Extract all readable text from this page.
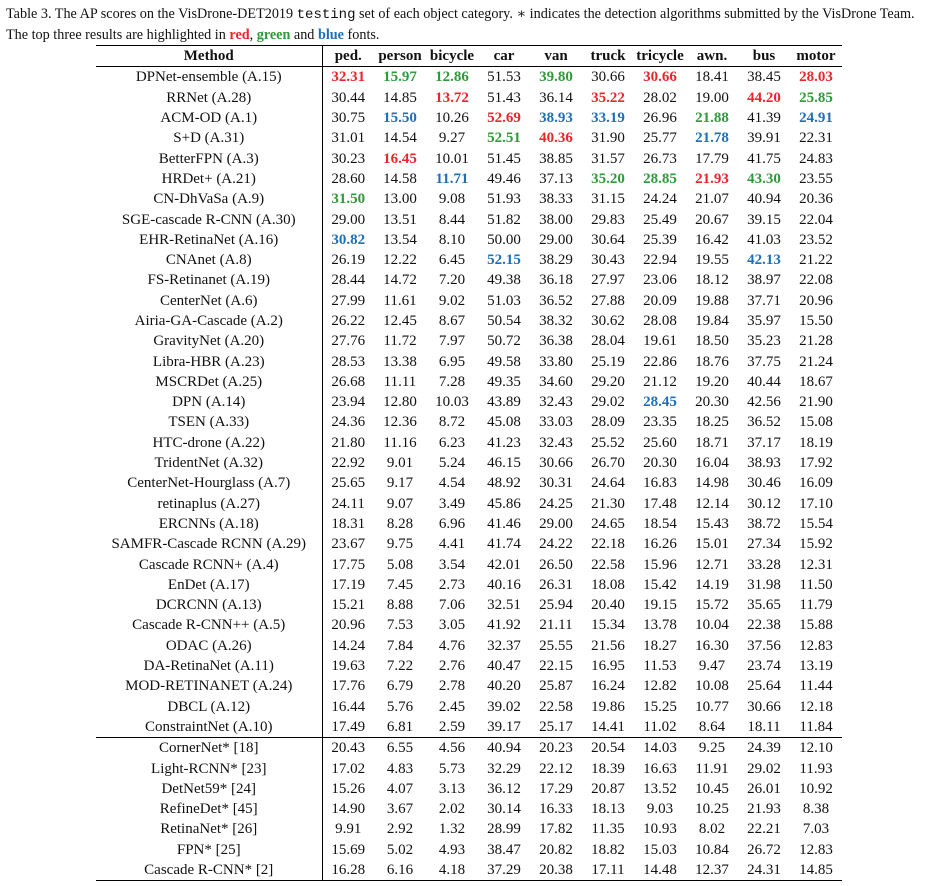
Table 3. The AP scores on the VisDrone-DET2019 testing set of each object category. ∗ indicates the detection algorithms submitted by the VisDrone Team. The top three results are highlighted in red, green and blue fonts.
Method	ped.	person	bicycle	car	van	truck	tricycle	awn.	bus	motor
DPNet-ensemble (A.15)	32.31	15.97	12.86	51.53	39.80	30.66	30.66	18.41	38.45	28.03
RRNet (A.28)	30.44	14.85	13.72	51.43	36.14	35.22	28.02	19.00	44.20	25.85
ACM-OD (A.1)	30.75	15.50	10.26	52.69	38.93	33.19	26.96	21.88	41.39	24.91
S+D (A.31)	31.01	14.54	9.27	52.51	40.36	31.90	25.77	21.78	39.91	22.31
BetterFPN (A.3)	30.23	16.45	10.01	51.45	38.85	31.57	26.73	17.79	41.75	24.83
HRDet+ (A.21)	28.60	14.58	11.71	49.46	37.13	35.20	28.85	21.93	43.30	23.55
CN-DhVaSa (A.9)	31.50	13.00	9.08	51.93	38.33	31.15	24.24	21.07	40.94	20.36
SGE-cascade R-CNN (A.30)	29.00	13.51	8.44	51.82	38.00	29.83	25.49	20.67	39.15	22.04
EHR-RetinaNet (A.16)	30.82	13.54	8.10	50.00	29.00	30.64	25.39	16.42	41.03	23.52
CNAnet (A.8)	26.19	12.22	6.45	52.15	38.29	30.43	22.94	19.55	42.13	21.22
FS-Retinanet (A.19)	28.44	14.72	7.20	49.38	36.18	27.97	23.06	18.12	38.97	22.08
CenterNet (A.6)	27.99	11.61	9.02	51.03	36.52	27.88	20.09	19.88	37.71	20.96
Airia-GA-Cascade (A.2)	26.22	12.45	8.67	50.54	38.32	30.62	28.08	19.84	35.97	15.50
GravityNet (A.20)	27.76	11.72	7.97	50.72	36.38	28.04	19.61	18.50	35.23	21.28
Libra-HBR (A.23)	28.53	13.38	6.95	49.58	33.80	25.19	22.86	18.76	37.75	21.24
MSCRDet (A.25)	26.68	11.11	7.28	49.35	34.60	29.20	21.12	19.20	40.44	18.67
DPN (A.14)	23.94	12.80	10.03	43.89	32.43	29.02	28.45	20.30	42.56	21.90
TSEN (A.33)	24.36	12.36	8.72	45.08	33.03	28.09	23.35	18.25	36.52	15.08
HTC-drone (A.22)	21.80	11.16	6.23	41.23	32.43	25.52	25.60	18.71	37.17	18.19
TridentNet (A.32)	22.92	9.01	5.24	46.15	30.66	26.70	20.30	16.04	38.93	17.92
CenterNet-Hourglass (A.7)	25.65	9.17	4.54	48.92	30.31	24.64	16.83	14.98	30.46	16.09
retinaplus (A.27)	24.11	9.07	3.49	45.86	24.25	21.30	17.48	12.14	30.12	17.10
ERCNNs (A.18)	18.31	8.28	6.96	41.46	29.00	24.65	18.54	15.43	38.72	15.54
SAMFR-Cascade RCNN (A.29)	23.67	9.75	4.41	41.74	24.22	22.18	16.26	15.01	27.34	15.92
Cascade RCNN+ (A.4)	17.75	5.08	3.54	42.01	26.50	22.58	15.96	12.71	33.28	12.31
EnDet (A.17)	17.19	7.45	2.73	40.16	26.31	18.08	15.42	14.19	31.98	11.50
DCRCNN (A.13)	15.21	8.88	7.06	32.51	25.94	20.40	19.15	15.72	35.65	11.79
Cascade R-CNN++ (A.5)	20.96	7.53	3.05	41.92	21.11	15.34	13.78	10.04	22.38	15.88
ODAC (A.26)	14.24	7.84	4.76	32.37	25.55	21.56	18.27	16.30	37.56	12.83
DA-RetinaNet (A.11)	19.63	7.22	2.76	40.47	22.15	16.95	11.53	9.47	23.74	13.19
MOD-RETINANET (A.24)	17.76	6.79	2.78	40.20	25.87	16.24	12.82	10.08	25.64	11.44
DBCL (A.12)	16.44	5.76	2.45	39.02	22.58	19.86	15.25	10.77	30.66	12.18
ConstraintNet (A.10)	17.49	6.81	2.59	39.17	25.17	14.41	11.02	8.64	18.11	11.84
CornerNet* [18]	20.43	6.55	4.56	40.94	20.23	20.54	14.03	9.25	24.39	12.10
Light-RCNN* [23]	17.02	4.83	5.73	32.29	22.12	18.39	16.63	11.91	29.02	11.93
DetNet59* [24]	15.26	4.07	3.13	36.12	17.29	20.87	13.52	10.45	26.01	10.92
RefineDet* [45]	14.90	3.67	2.02	30.14	16.33	18.13	9.03	10.25	21.93	8.38
RetinaNet* [26]	9.91	2.92	1.32	28.99	17.82	11.35	10.93	8.02	22.21	7.03
FPN* [25]	15.69	5.02	4.93	38.47	20.82	18.82	15.03	10.84	26.72	12.83
Cascade R-CNN* [2]	16.28	6.16	4.18	37.29	20.38	17.11	14.48	12.37	24.31	14.85
